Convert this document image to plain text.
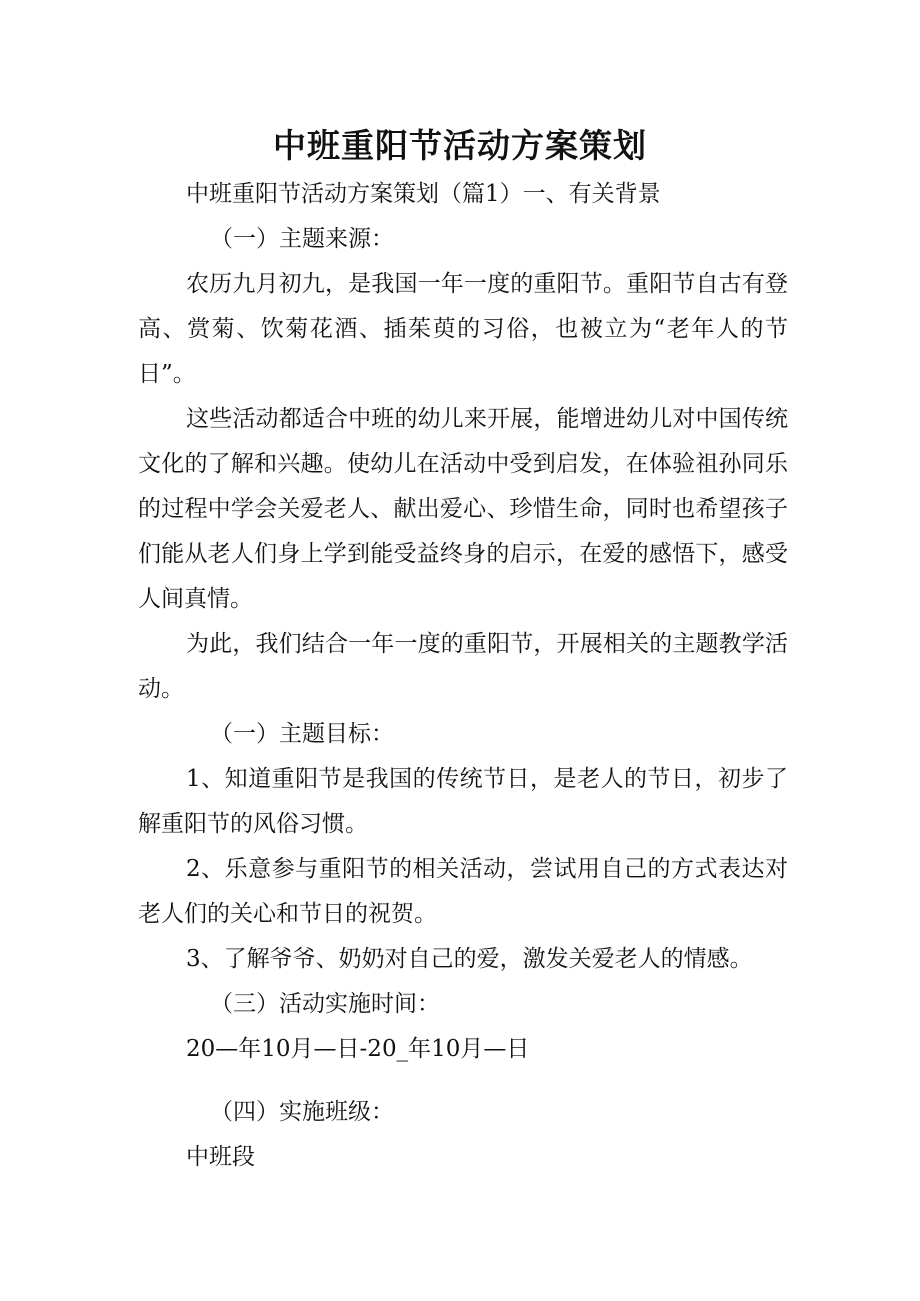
中班重阳节活动方案策划

中班重阳节活动方案策划（篇1）一、有关背景

（一）主题来源：

农历九月初九，是我国一年一度的重阳节。重阳节自古有登高、赏菊、饮菊花酒、插茱萸的习俗，也被立为“老年人的节日”。

这些活动都适合中班的幼儿来开展，能增进幼儿对中国传统文化的了解和兴趣。使幼儿在活动中受到启发，在体验祖孙同乐的过程中学会关爱老人、献出爱心、珍惜生命，同时也希望孩子们能从老人们身上学到能受益终身的启示，在爱的感悟下，感受人间真情。

为此，我们结合一年一度的重阳节，开展相关的主题教学活动。

（一）主题目标：

1、知道重阳节是我国的传统节日，是老人的节日，初步了解重阳节的风俗习惯。

2、乐意参与重阳节的相关活动，尝试用自己的方式表达对老人们的关心和节日的祝贺。

3、了解爷爷、奶奶对自己的爱，激发关爱老人的情感。

（三）活动实施时间：

20—年10月—日-20_年10月—日

（四）实施班级：

中班段
